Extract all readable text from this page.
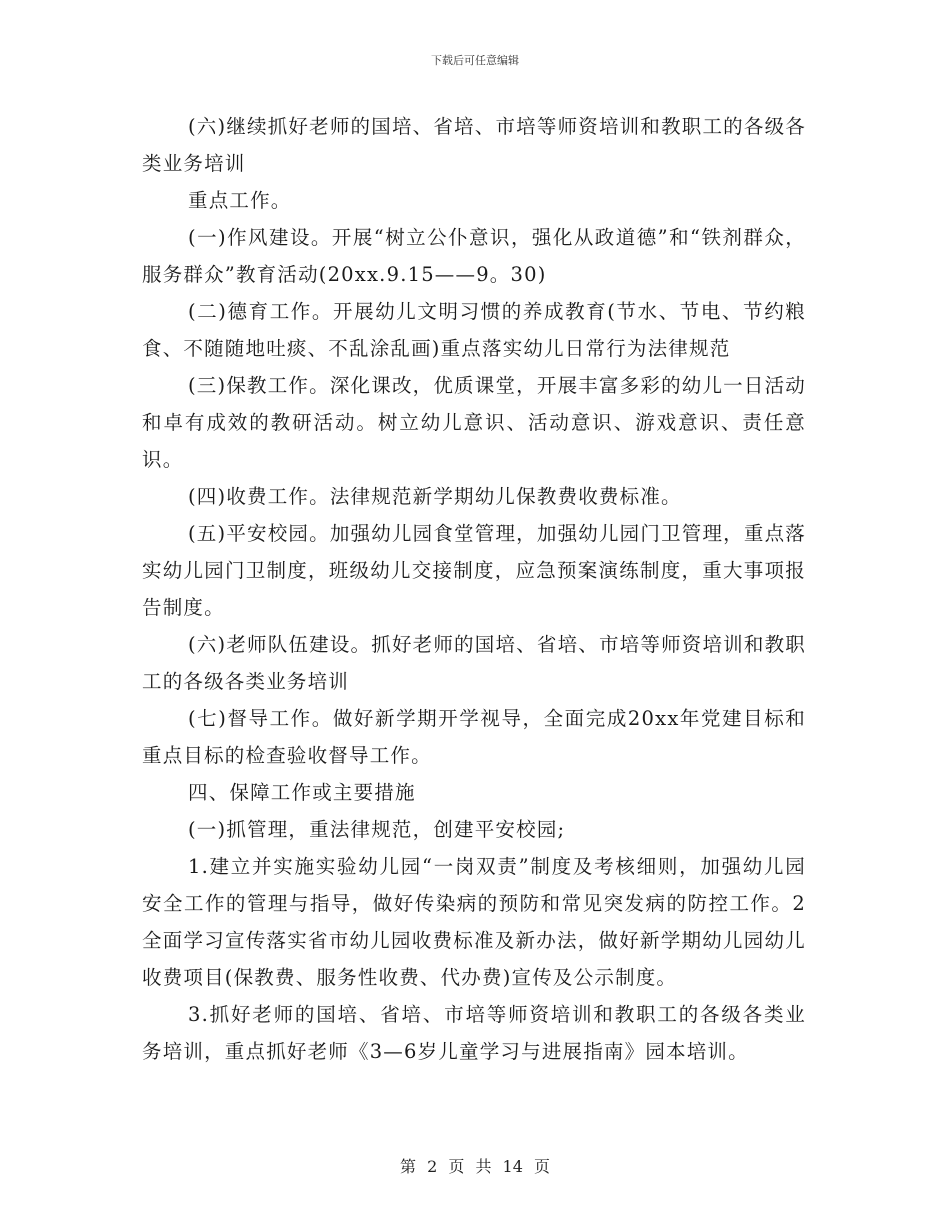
下载后可任意编辑

(六)继续抓好老师的国培、省培、市培等师资培训和教职工的各级各类业务培训

重点工作。

(一)作风建设。开展“树立公仆意识，强化从政道德”和“铁剂群众，服务群众”教育活动(20xx.9.15——9。30)

(二)德育工作。开展幼儿文明习惯的养成教育(节水、节电、节约粮食、不随随地吐痰、不乱涂乱画)重点落实幼儿日常行为法律规范

(三)保教工作。深化课改，优质课堂，开展丰富多彩的幼儿一日活动和卓有成效的教研活动。树立幼儿意识、活动意识、游戏意识、责任意识。

(四)收费工作。法律规范新学期幼儿保教费收费标准。

(五)平安校园。加强幼儿园食堂管理，加强幼儿园门卫管理，重点落实幼儿园门卫制度，班级幼儿交接制度，应急预案演练制度，重大事项报告制度。

(六)老师队伍建设。抓好老师的国培、省培、市培等师资培训和教职工的各级各类业务培训

(七)督导工作。做好新学期开学视导，全面完成20xx年党建目标和重点目标的检查验收督导工作。

四、保障工作或主要措施

(一)抓管理，重法律规范，创建平安校园;

1.建立并实施实验幼儿园“一岗双责”制度及考核细则，加强幼儿园安全工作的管理与指导，做好传染病的预防和常见突发病的防控工作。2全面学习宣传落实省市幼儿园收费标准及新办法，做好新学期幼儿园幼儿收费项目(保教费、服务性收费、代办费)宣传及公示制度。

3.抓好老师的国培、省培、市培等师资培训和教职工的各级各类业务培训，重点抓好老师《3—6岁儿童学习与进展指南》园本培训。

第 2 页 共 14 页
